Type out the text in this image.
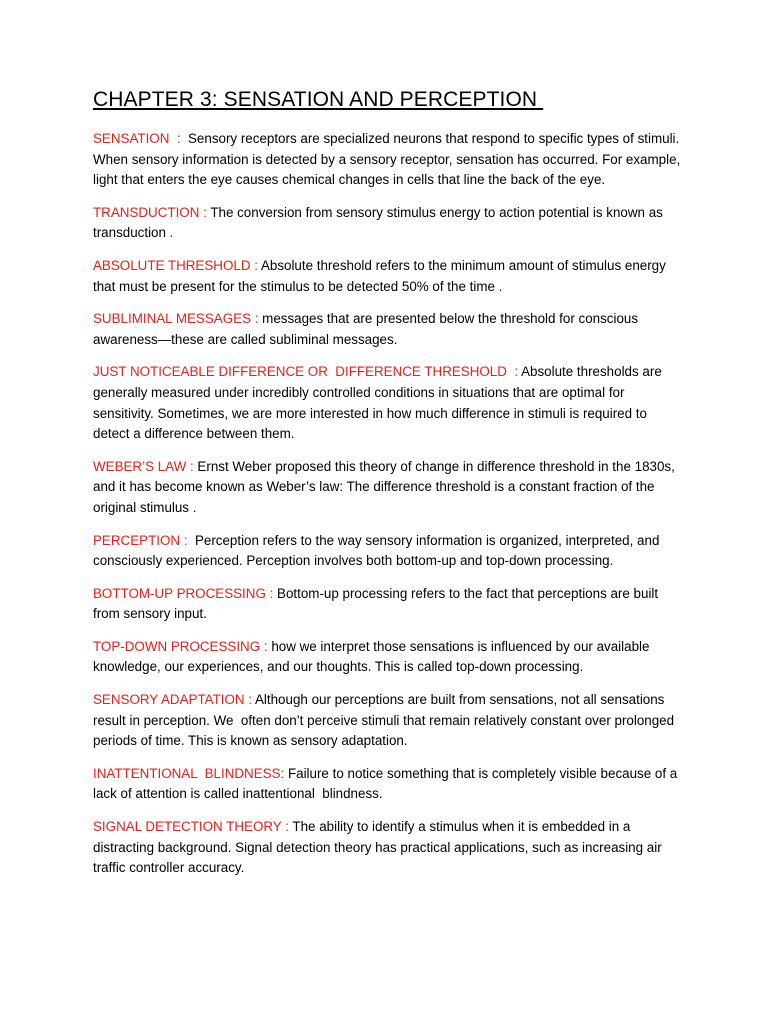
CHAPTER 3: SENSATION AND PERCEPTION

SENSATION  :  Sensory receptors are specialized neurons that respond to specific types of stimuli. When sensory information is detected by a sensory receptor, sensation has occurred. For example, light that enters the eye causes chemical changes in cells that line the back of the eye.

TRANSDUCTION : The conversion from sensory stimulus energy to action potential is known as transduction .

ABSOLUTE THRESHOLD : Absolute threshold refers to the minimum amount of stimulus energy that must be present for the stimulus to be detected 50% of the time .

SUBLIMINAL MESSAGES : messages that are presented below the threshold for conscious awareness—these are called subliminal messages.

JUST NOTICEABLE DIFFERENCE OR  DIFFERENCE THRESHOLD  : Absolute thresholds are generally measured under incredibly controlled conditions in situations that are optimal for sensitivity. Sometimes, we are more interested in how much difference in stimuli is required to detect a difference between them.

WEBER’S LAW : Ernst Weber proposed this theory of change in difference threshold in the 1830s, and it has become known as Weber’s law: The difference threshold is a constant fraction of the original stimulus .

PERCEPTION :  Perception refers to the way sensory information is organized, interpreted, and consciously experienced. Perception involves both bottom-up and top-down processing.

BOTTOM-UP PROCESSING : Bottom-up processing refers to the fact that perceptions are built  from sensory input.

TOP-DOWN PROCESSING : how we interpret those sensations is influenced by our available knowledge, our experiences, and our thoughts. This is called top-down processing.

SENSORY ADAPTATION : Although our perceptions are built from sensations, not all sensations result in perception. We  often don’t perceive stimuli that remain relatively constant over prolonged periods of time. This is known as sensory adaptation.

INATTENTIONAL  BLINDNESS: Failure to notice something that is completely visible because of a lack of attention is called inattentional  blindness.

SIGNAL DETECTION THEORY : The ability to identify a stimulus when it is embedded in a distracting background. Signal detection theory has practical applications, such as increasing air traffic controller accuracy.
